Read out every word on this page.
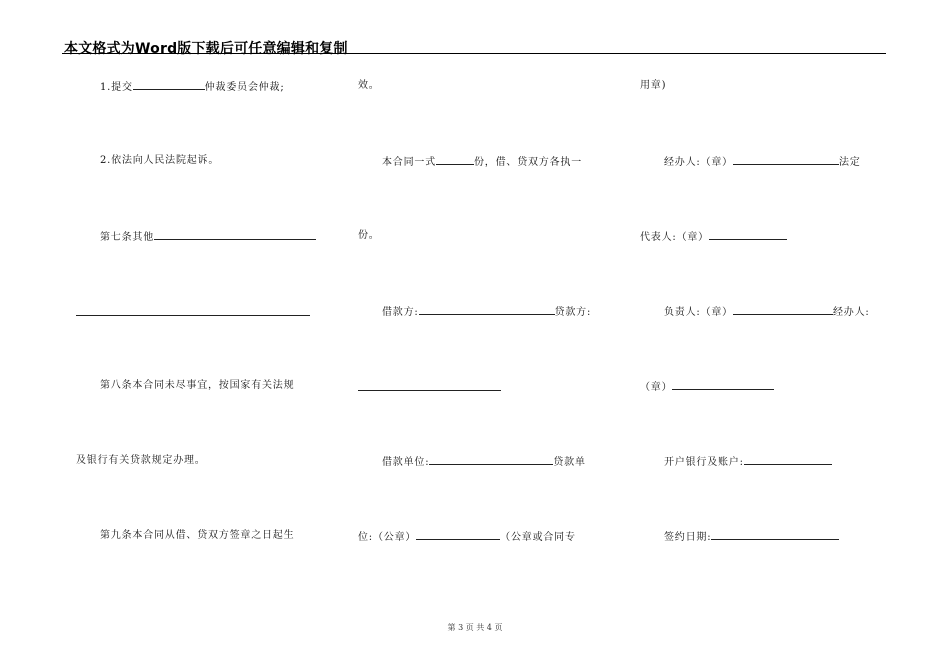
本文格式为Word版下载后可任意编辑和复制
1.提交	仲裁委员会仲裁;
2.依法向人民法院起诉。
第七条其他
第八条本合同未尽事宜，按国家有关法规
及银行有关贷款规定办理。
第九条本合同从借、贷双方签章之日起生
效。
本合同一式	份，借、贷双方各执一
份。
借款方:	贷款方:
借款单位:	贷款单
位:（公章）	（公章或合同专
用章)
经办人:（章）	法定
代表人:（章）
负责人:（章）	经办人:
（章）
开户银行及账户:
签约日期:
第 3 页 共 4 页
